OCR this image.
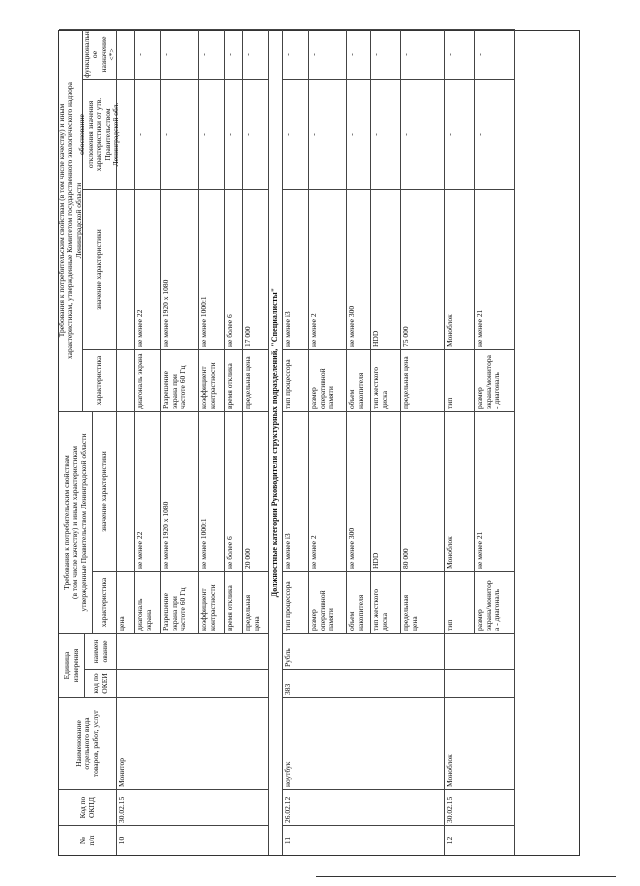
№
п/п
Код по
ОКПД
Наименование
отдельного вида
товаров, работ, услуг
Единица
измерения
код по
ОКЕИ
наимен
ование
Требования к потребительским свойствам
(в том числе качеству) и иным характеристикам
утвержденные Правительством Ленинградской области
характеристика
значение характеристики
Требования к потребительским свойствам (в том числе качеству) и иным
характеристикам, утвержденные Комитетом государственного экологического надзора
Ленинградской области
характеристика
значение характеристики
обоснование
отклонения значения
характеристики от утв.
Правительством
Ленинградской обл.
функциональн
ое
назначение
<*>
10
30.02.15
Монитор
цена	диагональ
экрана
не менее 22
диагональ экрана
не менее 22
-
-
Разрешение
экрана при
частоте 60 Гц
не менее 1920 х 1080
Разрешение
экрана при
частоте 60 Гц
не менее 1920 х 1080
-
-
коэффициент
контрастности
не менее 1000:1
коэффициент
контрастности
не менее 1000:1
-
-
время отклика
не более 6
время отклика
не более 6
-
-
предельная
цена
20 000
предельная цена
17 000
-
-
Должностные категории Руководители структурных подразделений, "Специалисты"
11
26.02.12
ноутбук
383
Рубль
тип процессора
не менее i3
тип процессора
не менее i3
-
-
размер
оперативной
памяти
не менее 2
размер
оперативной
памяти
не менее 2
-
-
объем
накопителя
не менее 300
объем
накопителя
не менее 300
-
-
тип жесткого
диска
HDD
тип жесткого
диска
HDD
-
-
предельная
цена
80 000
предельная цена
75 000
-
-
12
30.02.15
Моноблок
тип
Моноблок
тип
Моноблок
-
-
размер
экрана/монитор
а - диагональ
не менее 21
размер
экрана/монитора
- диагональ
не менее 21
-
-
